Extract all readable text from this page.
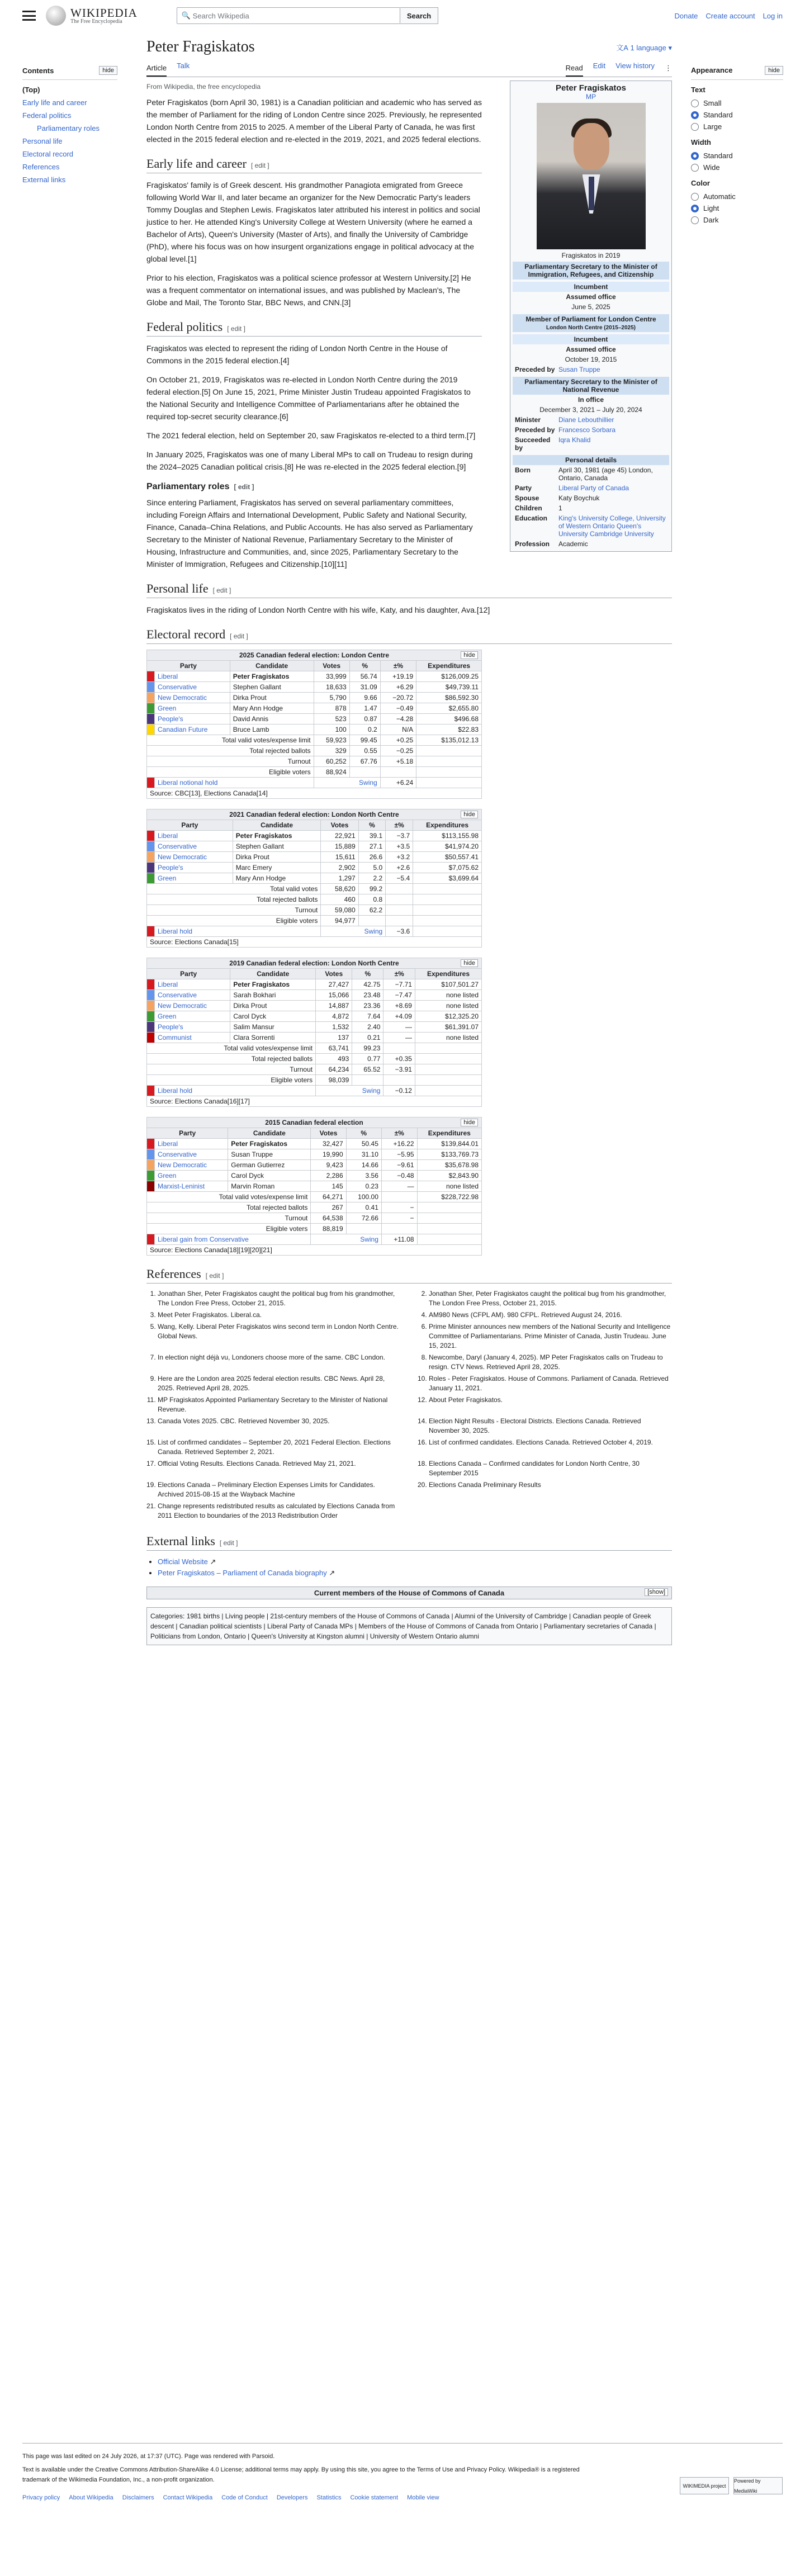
WIKIPEDIA
The Free Encyclopedia
🔍 Search Wikipedia	Search	Donate Create account Log in
Contents	hide
(Top)
Early life and career
Federal politics
Parliamentary roles
Personal life
Electoral record
References
External links
Appearance	hide
Text
Small
Standard
Large
Width
Standard
Wide
Color
Automatic
Light
Dark
Peter Fragiskatos	文A 1 language ▾
Article Talk	Read Edit View history ⋮
From Wikipedia, the free encyclopedia	Peter Fragiskatos
MP
Fragiskatos in 2019
Parliamentary Secretary to the Minister of Immigration, Refugees, and Citizenship
Incumbent
Assumed office
June 5, 2025
Member of Parliament for London Centre
London North Centre (2015–2025)
Incumbent
Assumed office
October 19, 2015
Preceded by Susan Truppe
Parliamentary Secretary to the Minister of National Revenue
In office
December 3, 2021 – July 20, 2024
Minister	Diane Lebouthillier
Preceded by Francesco Sorbara
Succeeded by
Iqra Khalid
Personal details
Born	April 30, 1981 (age 45) London, Ontario, Canada
Party	Liberal Party of Canada
Spouse	Katy Boychuk
Children	1
Education	King's University College, University of Western Ontario Queen's University Cambridge University
Profession	Academic

Peter Fragiskatos (born April 30, 1981) is a Canadian politician and academic who has served as the member of Parliament for the riding of London Centre since 2025. Previously, he represented London North Centre from 2015 to 2025. A member of the Liberal Party of Canada, he was first elected in the 2015 federal election and re-elected in the 2019, 2021, and 2025 federal elections.

Early life and career [ edit ]

Fragiskatos' family is of Greek descent. His grandmother Panagiota emigrated from Greece following World War II, and later became an organizer for the New Democratic Party's leaders Tommy Douglas and Stephen Lewis. Fragiskatos later attributed his interest in politics and social justice to her. He attended King's University College at Western University (where he earned a Bachelor of Arts), Queen's University (Master of Arts), and finally the University of Cambridge (PhD), where his focus was on how insurgent organizations engage in political advocacy at the global level.[1]

Prior to his election, Fragiskatos was a political science professor at Western University.[2] He was a frequent commentator on international issues, and was published by Maclean's, The Globe and Mail, The Toronto Star, BBC News, and CNN.[3]

Federal politics [ edit ]

Fragiskatos was elected to represent the riding of London North Centre in the House of Commons in the 2015 federal election.[4]

On October 21, 2019, Fragiskatos was re-elected in London North Centre during the 2019 federal election.[5] On June 15, 2021, Prime Minister Justin Trudeau appointed Fragiskatos to the National Security and Intelligence Committee of Parliamentarians after he obtained the required top-secret security clearance.[6]

The 2021 federal election, held on September 20, saw Fragiskatos re-elected to a third term.[7]

In January 2025, Fragiskatos was one of many Liberal MPs to call on Trudeau to resign during the 2024–2025 Canadian political crisis.[8] He was re-elected in the 2025 federal election.[9]

Parliamentary roles [ edit ]

Since entering Parliament, Fragiskatos has served on several parliamentary committees, including Foreign Affairs and International Development, Public Safety and National Security, Finance, Canada–China Relations, and Public Accounts. He has also served as Parliamentary Secretary to the Minister of National Revenue, Parliamentary Secretary to the Minister of Housing, Infrastructure and Communities, and, since 2025, Parliamentary Secretary to the Minister of Immigration, Refugees and Citizenship.[10][11]

Personal life [ edit ]

Fragiskatos lives in the riding of London North Centre with his wife, Katy, and his daughter, Ava.[12]

Electoral record [ edit ]
2025 Canadian federal election: London Centre hide						

Party		Candidate	Votes	%	±%	Expenditures
	Liberal	Peter Fragiskatos	33,999	56.74	+19.19	$126,009.25
	Conservative	Stephen Gallant	18,633	31.09	+6.29	$49,739.11
	New Democratic	Dirka Prout	5,790	9.66	−20.72	$86,592.30
	Green	Mary Ann Hodge	878	1.47	−0.49	$2,655.80
	People's	David Annis	523	0.87	−4.28	$496.68
	Canadian Future	Bruce Lamb	100	0.2	N/A	$22.83
Total valid votes/expense limit			59,923	99.45	+0.25	$135,012.13
Total rejected ballots			329	0.55	−0.25	
Turnout			60,252	67.76	+5.18	
Eligible voters			88,924			
	Liberal notional hold		Swing		+6.24	
Source: CBC[13], Elections Canada[14]						
2021 Canadian federal election: London North Centre hide						

Party		Candidate	Votes	%	±%	Expenditures
	Liberal	Peter Fragiskatos	22,921	39.1	−3.7	$113,155.98
	Conservative	Stephen Gallant	15,889	27.1	+3.5	$41,974.20
	New Democratic	Dirka Prout	15,611	26.6	+3.2	$50,557.41
	People's	Marc Emery	2,902	5.0	+2.6	$7,075.62
	Green	Mary Ann Hodge	1,297	2.2	−5.4	$3,699.64
Total valid votes			58,620	99.2		
Total rejected ballots			460	0.8		
Turnout			59,080	62.2		
Eligible voters			94,977			
	Liberal hold		Swing		−3.6	
Source: Elections Canada[15]						
2019 Canadian federal election: London North Centre hide						

Party		Candidate	Votes	%	±%	Expenditures
	Liberal	Peter Fragiskatos	27,427	42.75	−7.71	$107,501.27
	Conservative	Sarah Bokhari	15,066	23.48	−7.47	none listed
	New Democratic	Dirka Prout	14,887	23.36	+8.69	none listed
	Green	Carol Dyck	4,872	7.64	+4.09	$12,325.20
	People's	Salim Mansur	1,532	2.40	—	$61,391.07
	Communist	Clara Sorrenti	137	0.21	—	none listed
Total valid votes/expense limit			63,741	99.23		
Total rejected ballots			493	0.77	+0.35	
Turnout			64,234	65.52	−3.91	
Eligible voters			98,039			
	Liberal hold		Swing		−0.12	
Source: Elections Canada[16][17]						
2015 Canadian federal election hide						

Party		Candidate	Votes	%	±%	Expenditures
	Liberal	Peter Fragiskatos	32,427	50.45	+16.22	$139,844.01
	Conservative	Susan Truppe	19,990	31.10	−5.95	$133,769.73
	New Democratic	German Gutierrez	9,423	14.66	−9.61	$35,678.98
	Green	Carol Dyck	2,286	3.56	−0.48	$2,843.90
	Marxist-Leninist	Marvin Roman	145	0.23	—	none listed
Total valid votes/expense limit			64,271	100.00		$228,722.98
Total rejected ballots			267	0.41	−	
Turnout			64,538	72.66	−	
Eligible voters			88,819			
	Liberal gain from Conservative		Swing		+11.08	
Source: Elections Canada[18][19][20][21]						
References [ edit ]
1. Jonathan Sher, Peter Fragiskatos caught the political bug from his grandmother, The London Free Press, October 21, 2015.
2. Jonathan Sher, Peter Fragiskatos caught the political bug from his grandmother, The London Free Press, October 21, 2015.
3. Meet Peter Fragiskatos. Liberal.ca.	4. AM980 News (CFPL AM). 980 CFPL. Retrieved August 24, 2016.
5. Wang, Kelly. Liberal Peter Fragiskatos wins second term in London North Centre. Global News.
6. Prime Minister announces new members of the National Security and Intelligence Committee of Parliamentarians. Prime Minister of Canada, Justin Trudeau. June 15, 2021.
7. In election night déjà vu, Londoners choose more of the same. CBC London.	8. Newcombe, Daryl (January 4, 2025). MP Peter Fragiskatos calls on Trudeau to resign. CTV News. Retrieved April 28, 2025.
9. Here are the London area 2025 federal election results. CBC News. April 28, 2025. Retrieved April 28, 2025.
10. Roles - Peter Fragiskatos. House of Commons. Parliament of Canada. Retrieved January 11, 2021.
11. MP Fragiskatos Appointed Parliamentary Secretary to the Minister of National Revenue.
12. About Peter Fragiskatos.
13. Canada Votes 2025. CBC. Retrieved November 30, 2025.	14. Election Night Results - Electoral Districts. Elections Canada. Retrieved November 30, 2025.
15. List of confirmed candidates – September 20, 2021 Federal Election. Elections Canada. Retrieved September 2, 2021.
16. List of confirmed candidates. Elections Canada. Retrieved October 4, 2019.
17. Official Voting Results. Elections Canada. Retrieved May 21, 2021.	18. Elections Canada – Confirmed candidates for London North Centre, 30 September 2015
19. Elections Canada – Preliminary Election Expenses Limits for Candidates. Archived 2015-08-15 at the Wayback Machine
20. Elections Canada Preliminary Results
21. Change represents redistributed results as calculated by Elections Canada from 2011 Election to boundaries of the 2013 Redistribution Order
External links [ edit ]
• Official Website ↗
• Peter Fragiskatos – Parliament of Canada biography ↗
Current members of the House of Commons of Canada	[show]
Categories: 1981 births | Living people | 21st-century members of the House of Commons of Canada | Alumni of the University of Cambridge | Canadian people of Greek descent | Canadian political scientists | Liberal Party of Canada MPs | Members of the House of Commons of Canada from Ontario | Parliamentary secretaries of Canada | Politicians from London, Ontario | Queen's University at Kingston alumni | University of Western Ontario alumni
This page was last edited on 24 July 2026, at 17:37 (UTC). Page was rendered with Parsoid.
Text is available under the Creative Commons Attribution-ShareAlike 4.0 License; additional terms may apply. By using this site, you agree to the Terms of Use and Privacy Policy. Wikipedia® is a registered trademark of the Wikimedia Foundation, Inc., a non-profit organization.
Privacy policy About Wikipedia Disclaimers Contact Wikipedia Code of Conduct Developers Statistics Cookie statement Mobile view
WIKIMEDIA project
Powered by MediaWiki
